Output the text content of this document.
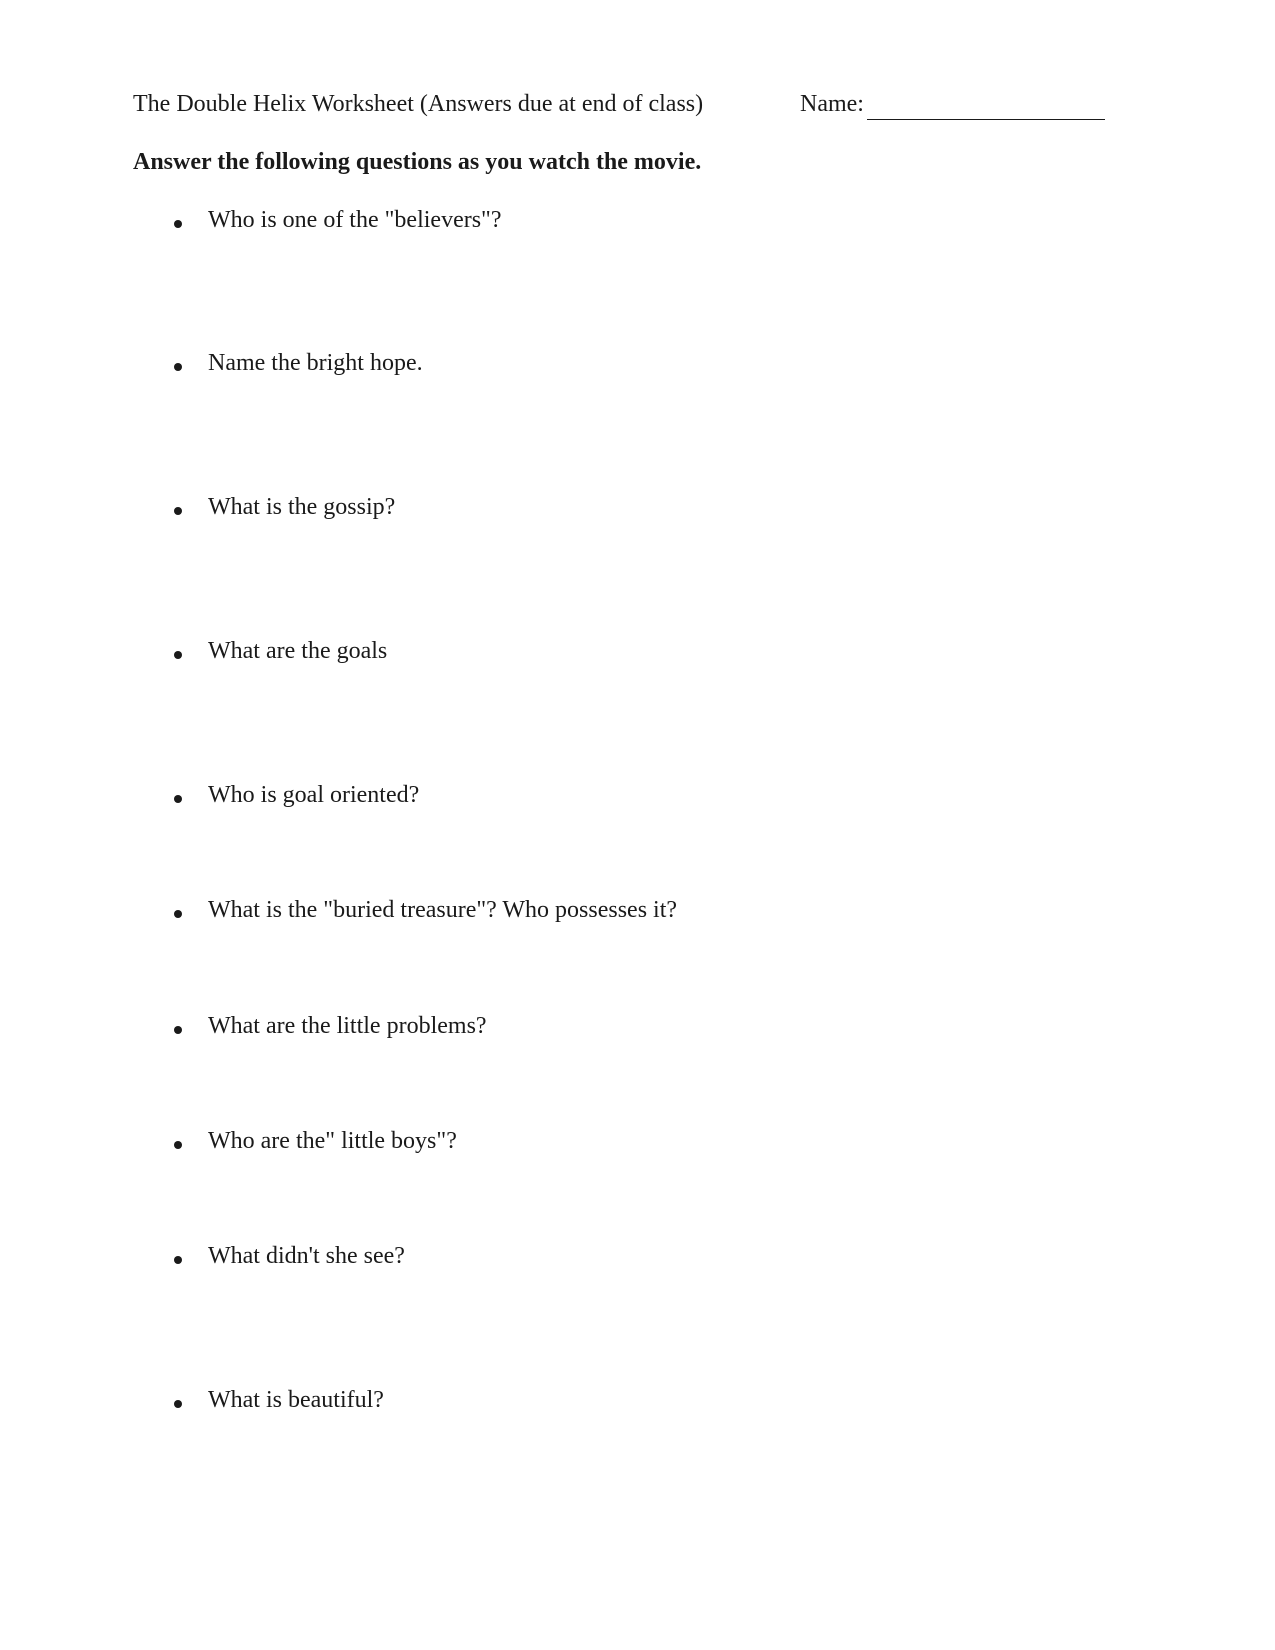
The Double Helix Worksheet (Answers due at end of class)	Name:
Answer the following questions as you watch the movie.
Who is one of the "believers"?
Name the bright hope.
What is the gossip?
What are the goals
Who is goal oriented?
What is the "buried treasure"? Who possesses it?
What are the little problems?
Who are the" little boys"?
What didn't she see?
What is beautiful?
